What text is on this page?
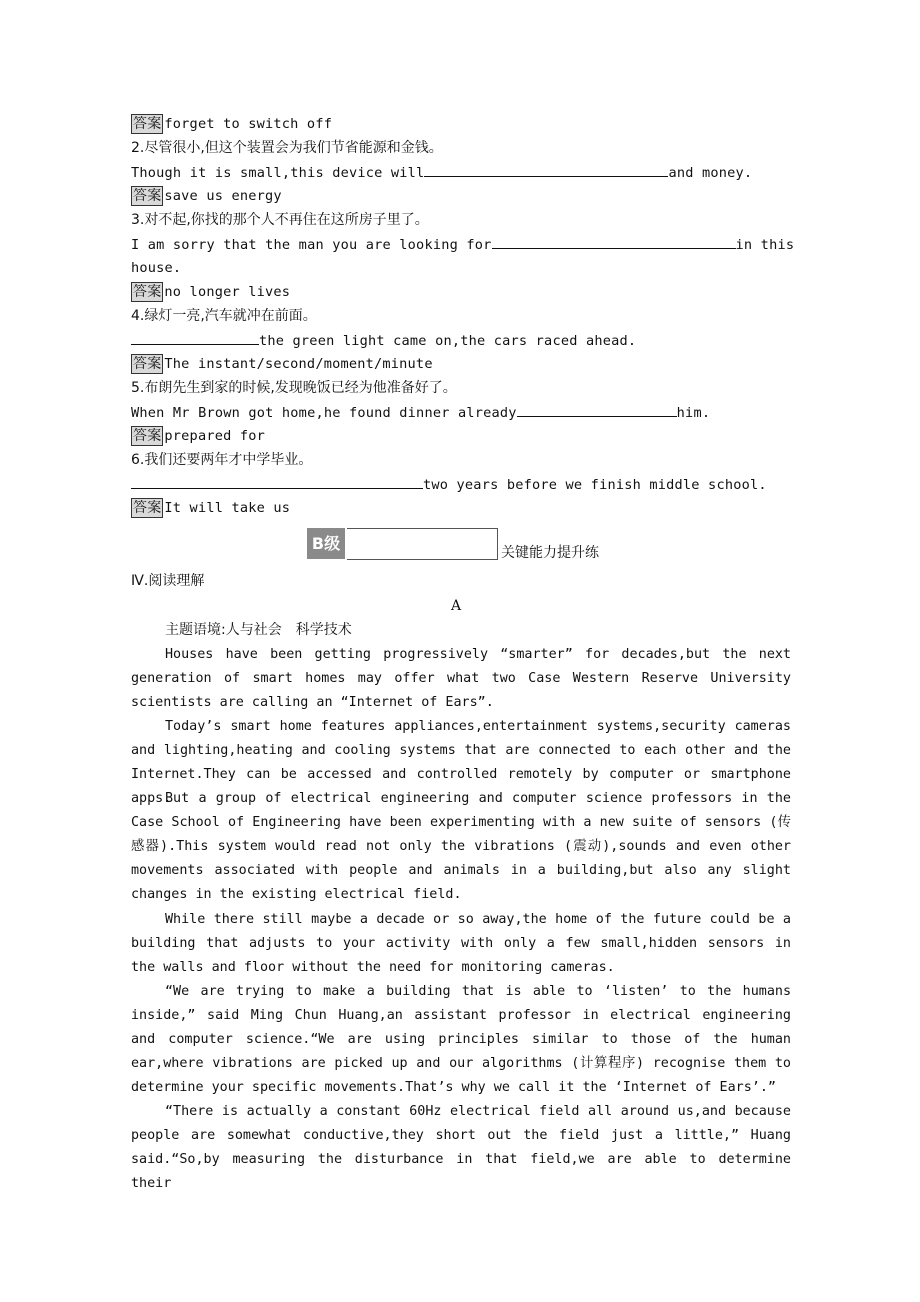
答案 forget to switch off
2.尽管很小,但这个装置会为我们节省能源和金钱。
Though it is small,this device will	and money.
答案 save us energy
3.对不起,你找的那个人不再住在这所房子里了。
I am sorry that the man you are looking for	in this
house.
答案 no longer lives
4.绿灯一亮,汽车就冲在前面。
the green light came on,the cars raced ahead.
答案 The instant/second/moment/minute
5.布朗先生到家的时候,发现晚饭已经为他准备好了。
When Mr Brown got home,he found dinner already	him.
答案 prepared for
6.我们还要两年才中学毕业。
two years before we finish middle school.
答案 It will take us
B级	关键能力提升练
Ⅳ.阅读理解
A
主题语境:人与社会　科学技术
Houses have been getting progressively “smarter” for decades,but the next generation of smart homes may offer what two Case Western Reserve University scientists are calling an “Internet of Ears”.
Today’s smart home features appliances,entertainment systems,security cameras and lighting,heating and cooling systems that are connected to each other and the Internet.They can be accessed and controlled remotely by computer or smartphone apps.
But a group of electrical engineering and computer science professors in the Case School of Engineering have been experimenting with a new suite of sensors (传感器).This system would read not only the vibrations (震动),sounds and even other movements associated with people and animals in a building,but also any slight changes in the existing electrical field.
While there still maybe a decade or so away,the home of the future could be a building that adjusts to your activity with only a few small,hidden sensors in the walls and floor without the need for monitoring cameras.
“We are trying to make a building that is able to ‘listen’ to the humans inside,” said Ming Chun Huang,an assistant professor in electrical engineering and computer science.“We are using principles similar to those of the human ear,where vibrations are picked up and our algorithms (计算程序) recognise them to determine your specific movements.That’s why we call it the ‘Internet of Ears’.”
“There is actually a constant 60Hz electrical field all around us,and because people are somewhat conductive,they short out the field just a little,” Huang said.“So,by measuring the disturbance in that field,we are able to determine their
